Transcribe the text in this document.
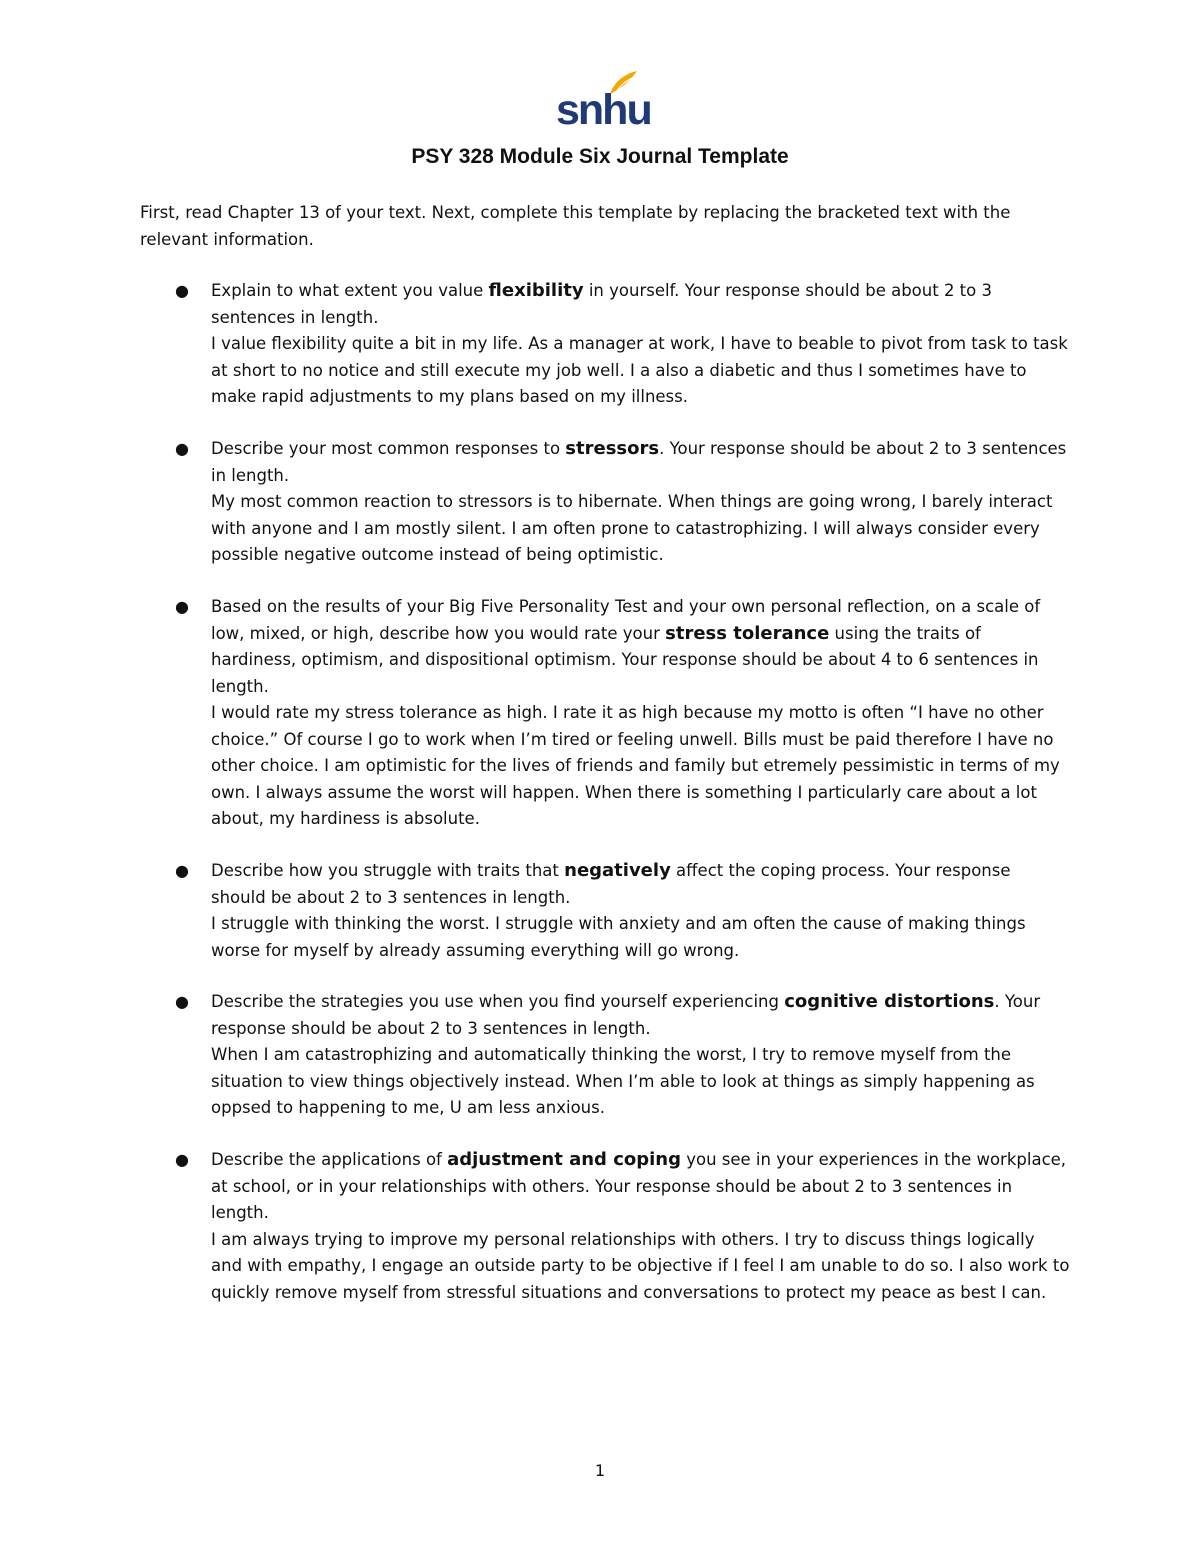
snhu
PSY 328 Module Six Journal Template

First, read Chapter 13 of your text. Next, complete this template by replacing the bracketed text with the relevant information.

● Explain to what extent you value flexibility in yourself. Your response should be about 2 to 3 sentences in length.

I value flexibility quite a bit in my life. As a manager at work, I have to beable to pivot from task to task at short to no notice and still execute my job well. I a also a diabetic and thus I sometimes have to make rapid adjustments to my plans based on my illness.

● Describe your most common responses to stressors. Your response should be about 2 to 3 sentences in length.

My most common reaction to stressors is to hibernate. When things are going wrong, I barely interact with anyone and I am mostly silent. I am often prone to catastrophizing. I will always consider every possible negative outcome instead of being optimistic.

● Based on the results of your Big Five Personality Test and your own personal reflection, on a scale of low, mixed, or high, describe how you would rate your stress tolerance using the traits of hardiness, optimism, and dispositional optimism. Your response should be about 4 to 6 sentences in length.

I would rate my stress tolerance as high. I rate it as high because my motto is often “I have no other choice.” Of course I go to work when I’m tired or feeling unwell. Bills must be paid therefore I have no other choice. I am optimistic for the lives of friends and family but etremely pessimistic in terms of my own. I always assume the worst will happen. When there is something I particularly care about a lot about, my hardiness is absolute.

● Describe how you struggle with traits that negatively affect the coping process. Your response should be about 2 to 3 sentences in length.

I struggle with thinking the worst. I struggle with anxiety and am often the cause of making things worse for myself by already assuming everything will go wrong.

● Describe the strategies you use when you find yourself experiencing cognitive distortions. Your response should be about 2 to 3 sentences in length.

When I am catastrophizing and automatically thinking the worst, I try to remove myself from the situation to view things objectively instead. When I’m able to look at things as simply happening as oppsed to happening to me, U am less anxious.

● Describe the applications of adjustment and coping you see in your experiences in the workplace, at school, or in your relationships with others. Your response should be about 2 to 3 sentences in length.

I am always trying to improve my personal relationships with others. I try to discuss things logically and with empathy, I engage an outside party to be objective if I feel I am unable to do so. I also work to quickly remove myself from stressful situations and conversations to protect my peace as best I can.

1
